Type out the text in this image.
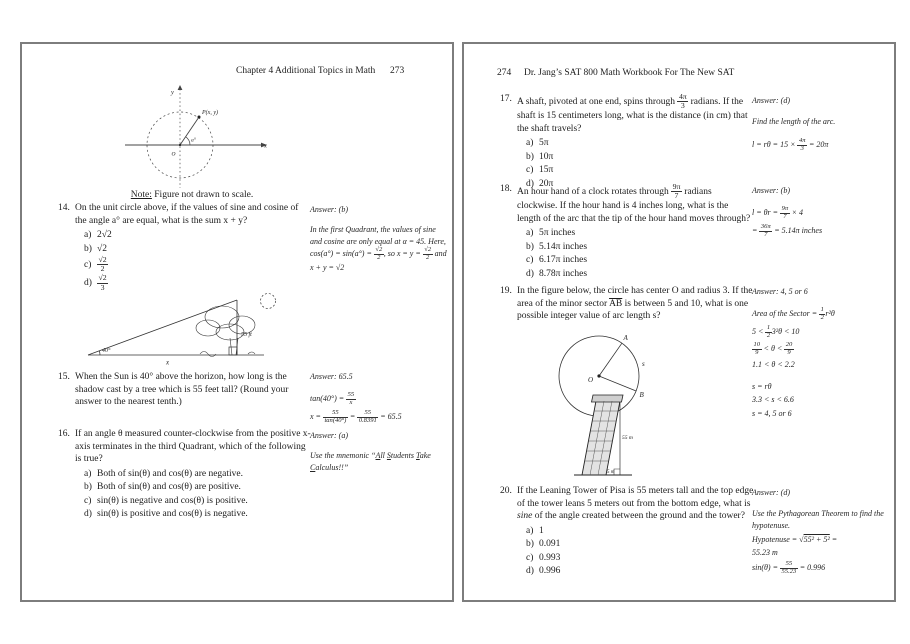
Chapter 4 Additional Topics in Math 273
y
x
P(x, y)
a°
O
Note: Figure not drawn to scale.
14. On the unit circle above, if the values of sine and cosine of the angle a° are equal, what is the sum x + y?
a) 2√2
b) √2
c) √2
2
d) √2
3
Answer: (b)
In the first Quadrant, the values of sine and cosine are only equal at α = 45. Here, $\cos(a^\circ) = \sin(a^\circ) = \frac{√2}{2}$ , so $x = y = \frac{√2}{2}$ and x + y = √2
40°
x
55 ft
15. When the Sun is 40° above the horizon, how long is the shadow cast by a tree which is 55 feet tall? (Round your answer to the nearest tenth.)
Answer: 65.5
$\tan(40^\circ) = \frac{55}{x}$
$x = \frac{55}{\tan(40^\circ)} = \frac{55}{0.8391} = 65.5$
16. If an angle θ measured counter-clockwise from the positive x-axis terminates in the third Quadrant, which of the following is true?
a) Both of sin(θ) and cos(θ) are negative.
b) Both of sin(θ) and cos(θ) are positive.
c) sin(θ) is negative and cos(θ) is positive.
d) sin(θ) is positive and cos(θ) is negative.
Answer: (a)
Use the mnemonic “All Students Take Calculus!!”
274 Dr. Jang’s SAT 800 Math Workbook For The New SAT
17. A shaft, pivoted at one end, spins through $\frac{4\pi}{3}$ radians. If the shaft is 15 centimeters long, what is the distance (in cm) that the shaft travels?
a) 5π
b) 10π
c) 15π
d) 20π
Answer: (d)
Find the length of the arc.
$l = r\theta = 15 \times \frac{4\pi}{3} = 20\pi$
18. An hour hand of a clock rotates through $\frac{9\pi}{7}$ radians clockwise. If the hour hand is 4 inches long, what is the length of the arc that the tip of the hour hand moves through?
a) 5π inches
b) 5.14π inches
c) 6.17π inches
d) 8.78π inches
Answer: (b)
$l = \theta r = \frac{9\pi}{7} \times 4$
= $\frac{36\pi}{7} = 5.14\pi$ inches
19. In the figure below, the circle has center O and radius 3. If the area of the minor sector $\overline{AB}$ is between 5 and 10, what is one possible integer value of arc length s?
O
A
B
s
Answer: 4, 5 or 6
Area of the Sector = $\frac{1}{2} r^2\theta$
$5 < \frac{1}{2} 3^2\theta < 10$
$\frac{10}{9} < \theta < \frac{20}{9}$
1.1 < θ < 2.2
s = rθ
3.3 < s < 6.6
s = 4, 5 or 6
55 m
5 m
20. If the Leaning Tower of Pisa is 55 meters tall and the top edge of the tower leans 5 meters out from the bottom edge, what is sine of the angle created between the ground and the tower?
a) 1
b) 0.091
c) 0.993
d) 0.996
Answer: (d)
Use the Pythagorean Theorem to find the hypotenuse.
Hypotenuse = √55² + 5² =
55.23 m
$\sin(\theta) = \frac{55}{55.23} = 0.996$
